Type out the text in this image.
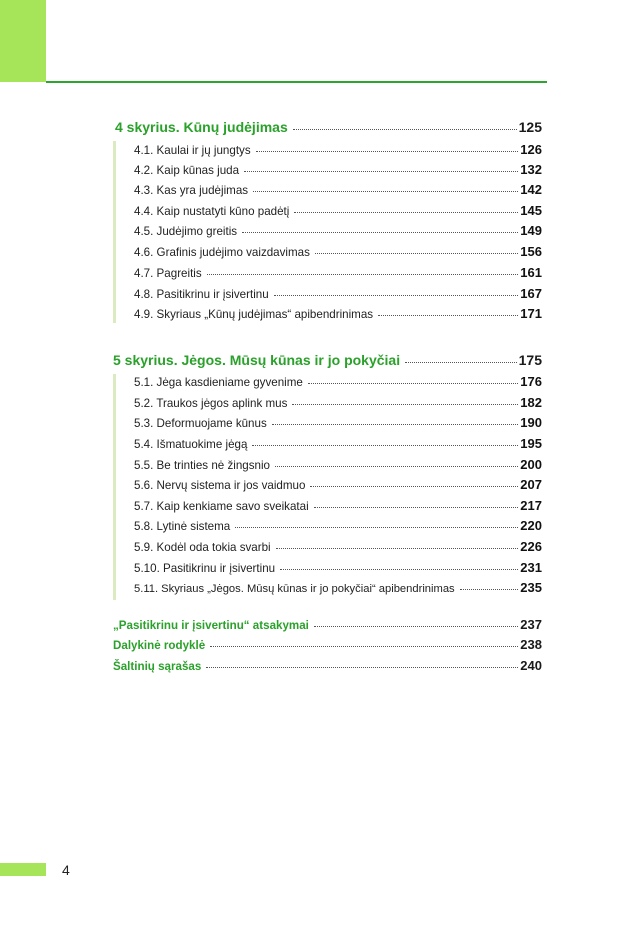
4 skyrius. Kūnų judėjimas	125
4.1. Kaulai ir jų jungtys	126
4.2. Kaip kūnas juda	132
4.3. Kas yra judėjimas	142
4.4. Kaip nustatyti kūno padėtį	145
4.5. Judėjimo greitis	149
4.6. Grafinis judėjimo vaizdavimas	156
4.7. Pagreitis	161
4.8. Pasitikrinu ir įsivertinu	167
4.9. Skyriaus „Kūnų judėjimas“ apibendrinimas	171
5 skyrius. Jėgos. Mūsų kūnas ir jo pokyčiai	175
5.1. Jėga kasdieniame gyvenime	176
5.2. Traukos jėgos aplink mus	182
5.3. Deformuojame kūnus	190
5.4. Išmatuokime jėgą	195
5.5. Be trinties nė žingsnio	200
5.6. Nervų sistema ir jos vaidmuo	207
5.7. Kaip kenkiame savo sveikatai	217
5.8. Lytinė sistema	220
5.9. Kodėl oda tokia svarbi	226
5.10. Pasitikrinu ir įsivertinu	231
5.11. Skyriaus „Jėgos. Mūsų kūnas ir jo pokyčiai“ apibendrinimas	235
„Pasitikrinu ir įsivertinu“ atsakymai	237
Dalykinė rodyklė	238
Šaltinių sąrašas	240
4
